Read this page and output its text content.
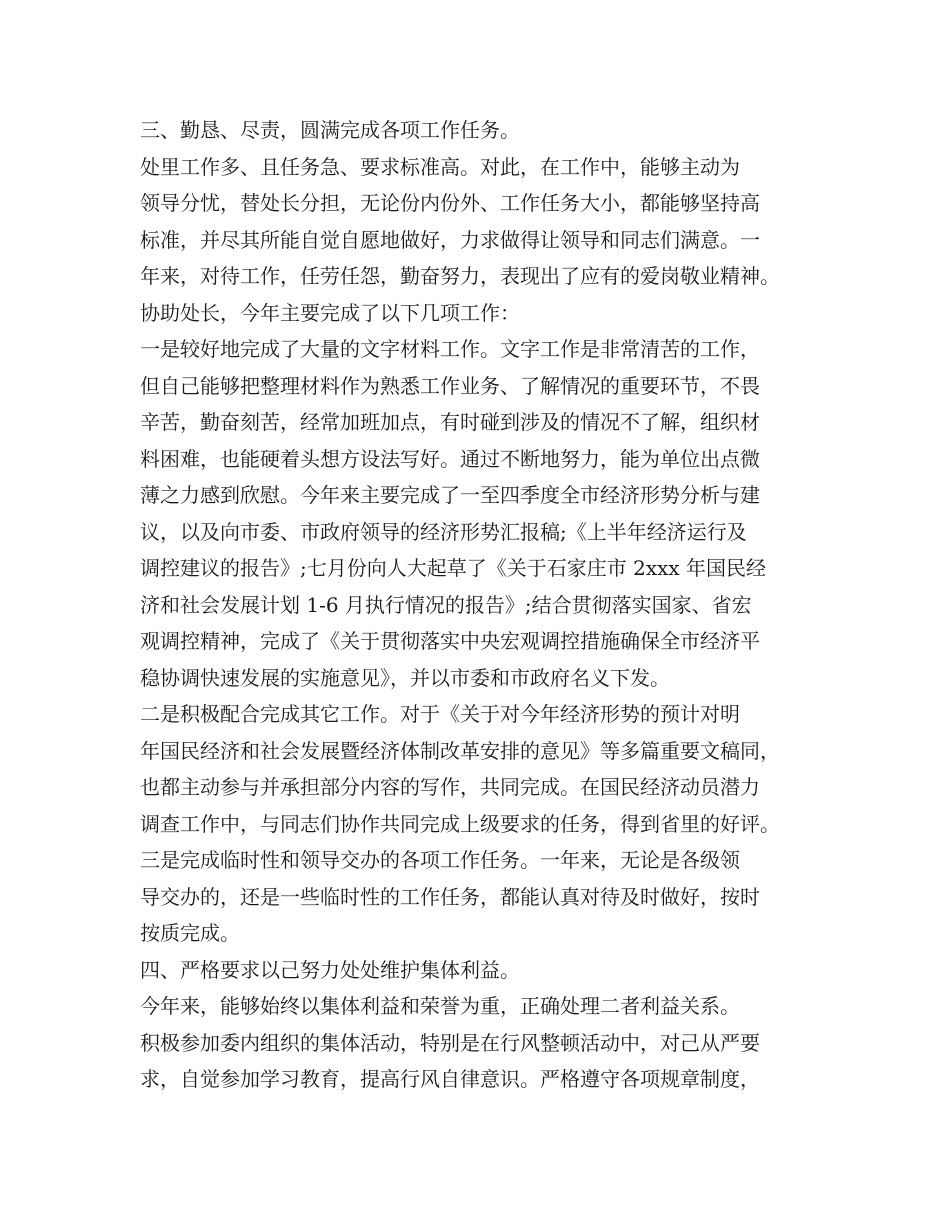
三、勤恳、尽责，圆满完成各项工作任务。
处里工作多、且任务急、要求标准高。对此，在工作中，能够主动为
领导分忧，替处长分担，无论份内份外、工作任务大小，都能够坚持高
标准，并尽其所能自觉自愿地做好，力求做得让领导和同志们满意。一
年来，对待工作，任劳任怨，勤奋努力，表现出了应有的爱岗敬业精神。
协助处长，今年主要完成了以下几项工作：
一是较好地完成了大量的文字材料工作。文字工作是非常清苦的工作，
但自己能够把整理材料作为熟悉工作业务、了解情况的重要环节，不畏
辛苦，勤奋刻苦，经常加班加点，有时碰到涉及的情况不了解，组织材
料困难，也能硬着头想方设法写好。通过不断地努力，能为单位出点微
薄之力感到欣慰。今年来主要完成了一至四季度全市经济形势分析与建
议，以及向市委、市政府领导的经济形势汇报稿;《上半年经济运行及
调控建议的报告》;七月份向人大起草了《关于石家庄市 2xxx 年国民经
济和社会发展计划 1-6 月执行情况的报告》;结合贯彻落实国家、省宏
观调控精神，完成了《关于贯彻落实中央宏观调控措施确保全市经济平
稳协调快速发展的实施意见》，并以市委和市政府名义下发。
二是积极配合完成其它工作。对于《关于对今年经济形势的预计对明
年国民经济和社会发展暨经济体制改革安排的意见》等多篇重要文稿同，
也都主动参与并承担部分内容的写作，共同完成。在国民经济动员潜力
调查工作中，与同志们协作共同完成上级要求的任务，得到省里的好评。
三是完成临时性和领导交办的各项工作任务。一年来，无论是各级领
导交办的，还是一些临时性的工作任务，都能认真对待及时做好，按时
按质完成。
四、严格要求以己努力处处维护集体利益。
今年来，能够始终以集体利益和荣誉为重，正确处理二者利益关系。
积极参加委内组织的集体活动，特别是在行风整顿活动中，对己从严要
求，自觉参加学习教育，提高行风自律意识。严格遵守各项规章制度，
